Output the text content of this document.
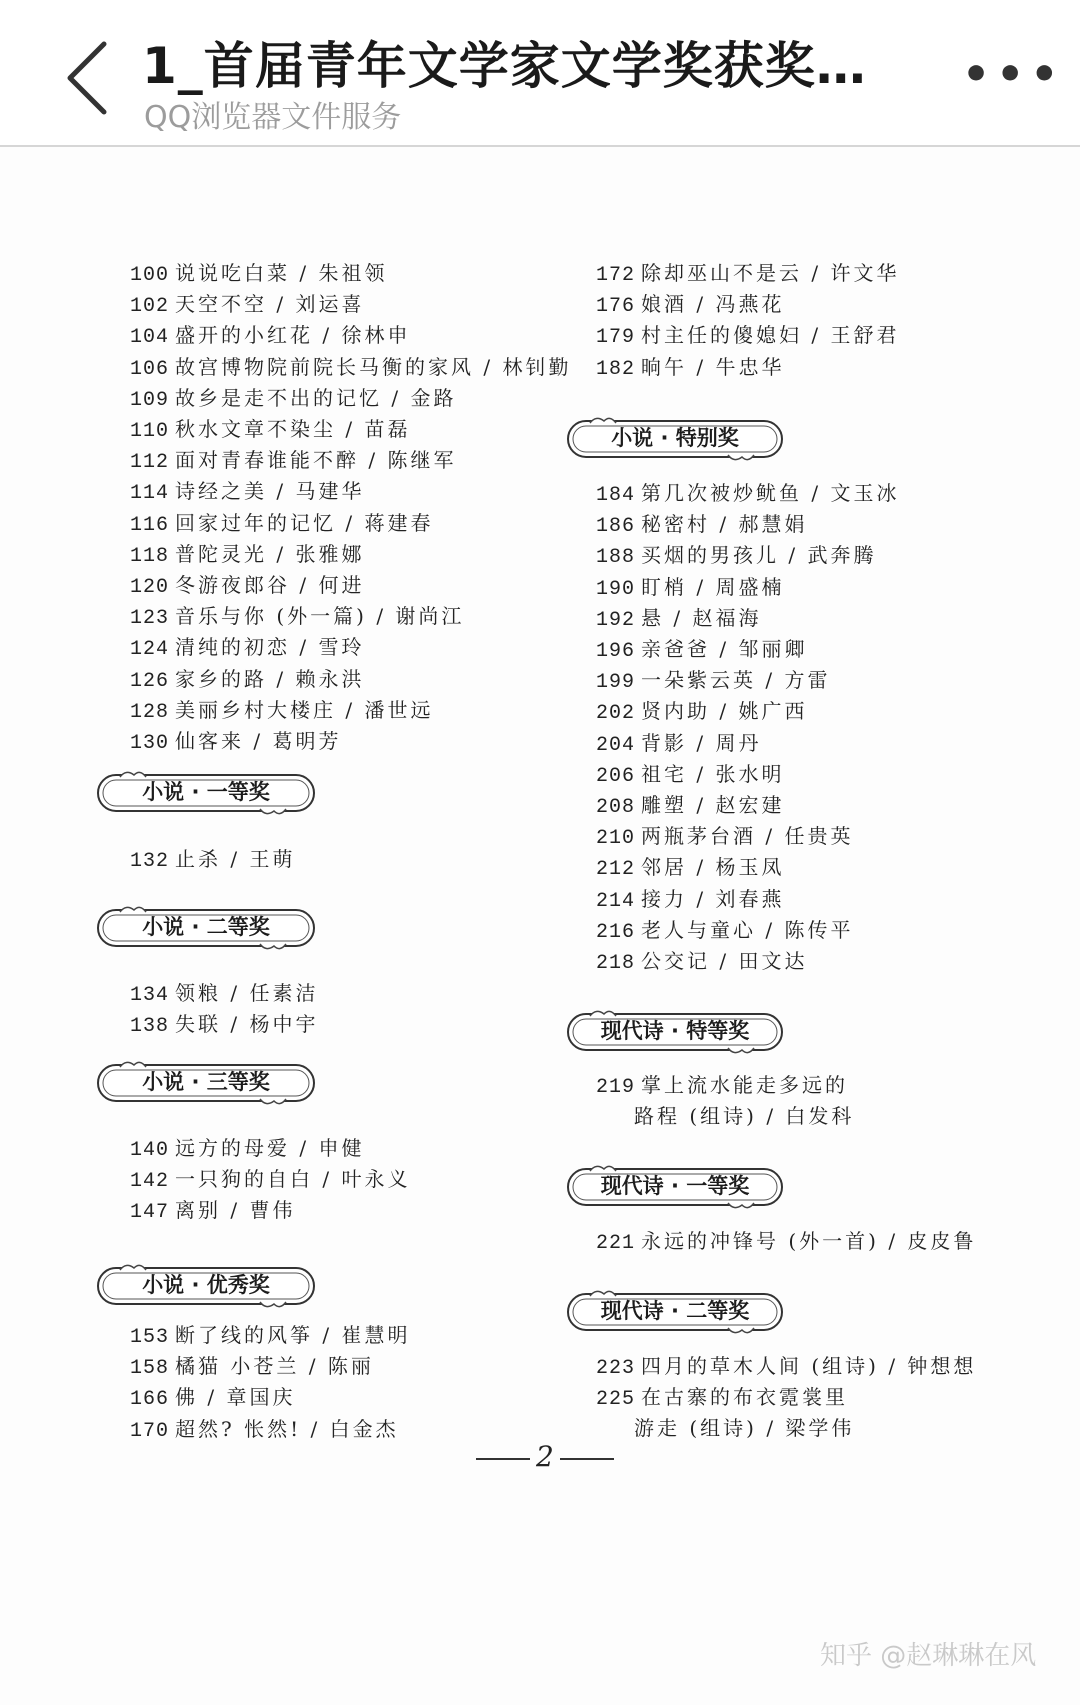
1_首届青年文学家文学奖获奖…
QQ浏览器文件服务
•••
100 说说吃白菜 / 朱祖领
102 天空不空 / 刘运喜
104 盛开的小红花 / 徐林申
106 故宫博物院前院长马衡的家风 / 林钊勤
109 故乡是走不出的记忆 / 金路
110 秋水文章不染尘 / 苗磊
112 面对青春谁能不醉 / 陈继军
114 诗经之美 / 马建华
116 回家过年的记忆 / 蒋建春
118 普陀灵光 / 张雅娜
120 冬游夜郎谷 / 何进
123 音乐与你 (外一篇) / 谢尚江
124 清纯的初恋 / 雪玲
126 家乡的路 / 赖永洪
128 美丽乡村大楼庄 / 潘世远
130 仙客来 / 葛明芳
小说 · 一等奖
132 止杀 / 王萌
小说 · 二等奖
134 领粮 / 任素洁
138 失联 / 杨中宇
小说 · 三等奖
140 远方的母爱 / 申健
142 一只狗的自白 / 叶永义
147 离别 / 曹伟
小说 · 优秀奖
153 断了线的风筝 / 崔慧明
158 橘猫 小苍兰 / 陈丽
166 佛 / 章国庆
170 超然? 怅然! / 白金杰
172 除却巫山不是云 / 许文华
176 娘酒 / 冯燕花
179 村主任的傻媳妇 / 王舒君
182 晌午 / 牛忠华
小说 · 特别奖
184 第几次被炒鱿鱼 / 文玉冰
186 秘密村 / 郝慧娟
188 买烟的男孩儿 / 武奔腾
190 盯梢 / 周盛楠
192 悬 / 赵福海
196 亲爸爸 / 邹丽卿
199 一朵紫云英 / 方雷
202 贤内助 / 姚广西
204 背影 / 周丹
206 祖宅 / 张水明
208 雕塑 / 赵宏建
210 两瓶茅台酒 / 任贵英
212 邻居 / 杨玉凤
214 接力 / 刘春燕
216 老人与童心 / 陈传平
218 公交记 / 田文达
现代诗 · 特等奖
219 掌上流水能走多远的
路程 (组诗) / 白发科
现代诗 · 一等奖
221 永远的冲锋号 (外一首) / 皮皮鲁
现代诗 · 二等奖
223 四月的草木人间 (组诗) / 钟想想
225 在古寨的布衣霓裳里
游走 (组诗) / 梁学伟
2
知乎 @赵琳琳在风
